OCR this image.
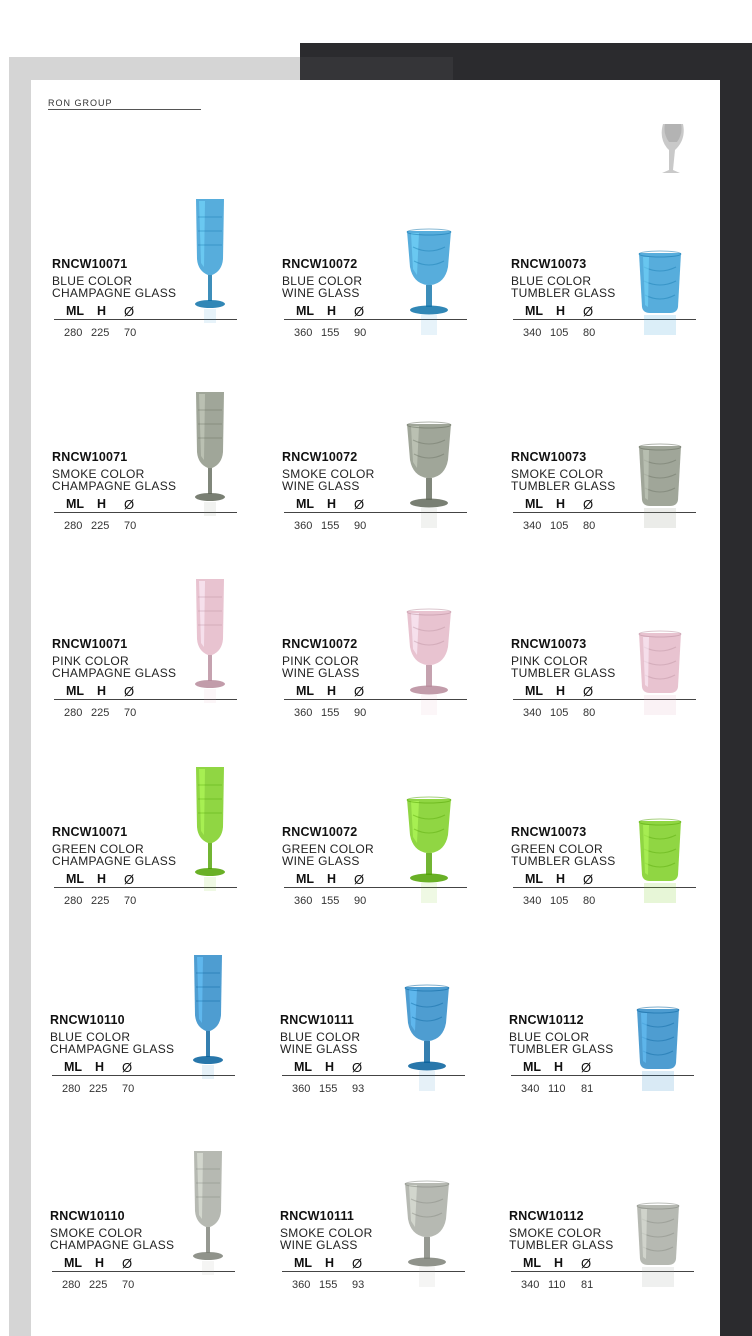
RON GROUP
RNCW10071
BLUE COLOR
CHAMPAGNE GLASS
ML H Ø
280 225 70
RNCW10072
BLUE COLOR
WINE GLASS
ML H Ø
360 155 90
RNCW10073
BLUE COLOR
TUMBLER GLASS
ML H Ø
340 105 80
RNCW10071
SMOKE COLOR
CHAMPAGNE GLASS
ML H Ø
280 225 70
RNCW10072
SMOKE COLOR
WINE GLASS
ML H Ø
360 155 90
RNCW10073
SMOKE COLOR
TUMBLER GLASS
ML H Ø
340 105 80
RNCW10071
PINK COLOR
CHAMPAGNE GLASS
ML H Ø
280 225 70
RNCW10072
PINK COLOR
WINE GLASS
ML H Ø
360 155 90
RNCW10073
PINK COLOR
TUMBLER GLASS
ML H Ø
340 105 80
RNCW10071
GREEN COLOR
CHAMPAGNE GLASS
ML H Ø
280 225 70
RNCW10072
GREEN COLOR
WINE GLASS
ML H Ø
360 155 90
RNCW10073
GREEN COLOR
TUMBLER GLASS
ML H Ø
340 105 80
RNCW10110
BLUE COLOR
CHAMPAGNE GLASS
ML H Ø
280 225 70
RNCW10111
BLUE COLOR
WINE GLASS
ML H Ø
360 155 93
RNCW10112
BLUE COLOR
TUMBLER GLASS
ML H Ø
340 110 81
RNCW10110
SMOKE COLOR
CHAMPAGNE GLASS
ML H Ø
280 225 70
RNCW10111
SMOKE COLOR
WINE GLASS
ML H Ø
360 155 93
RNCW10112
SMOKE COLOR
TUMBLER GLASS
ML H Ø
340 110 81
